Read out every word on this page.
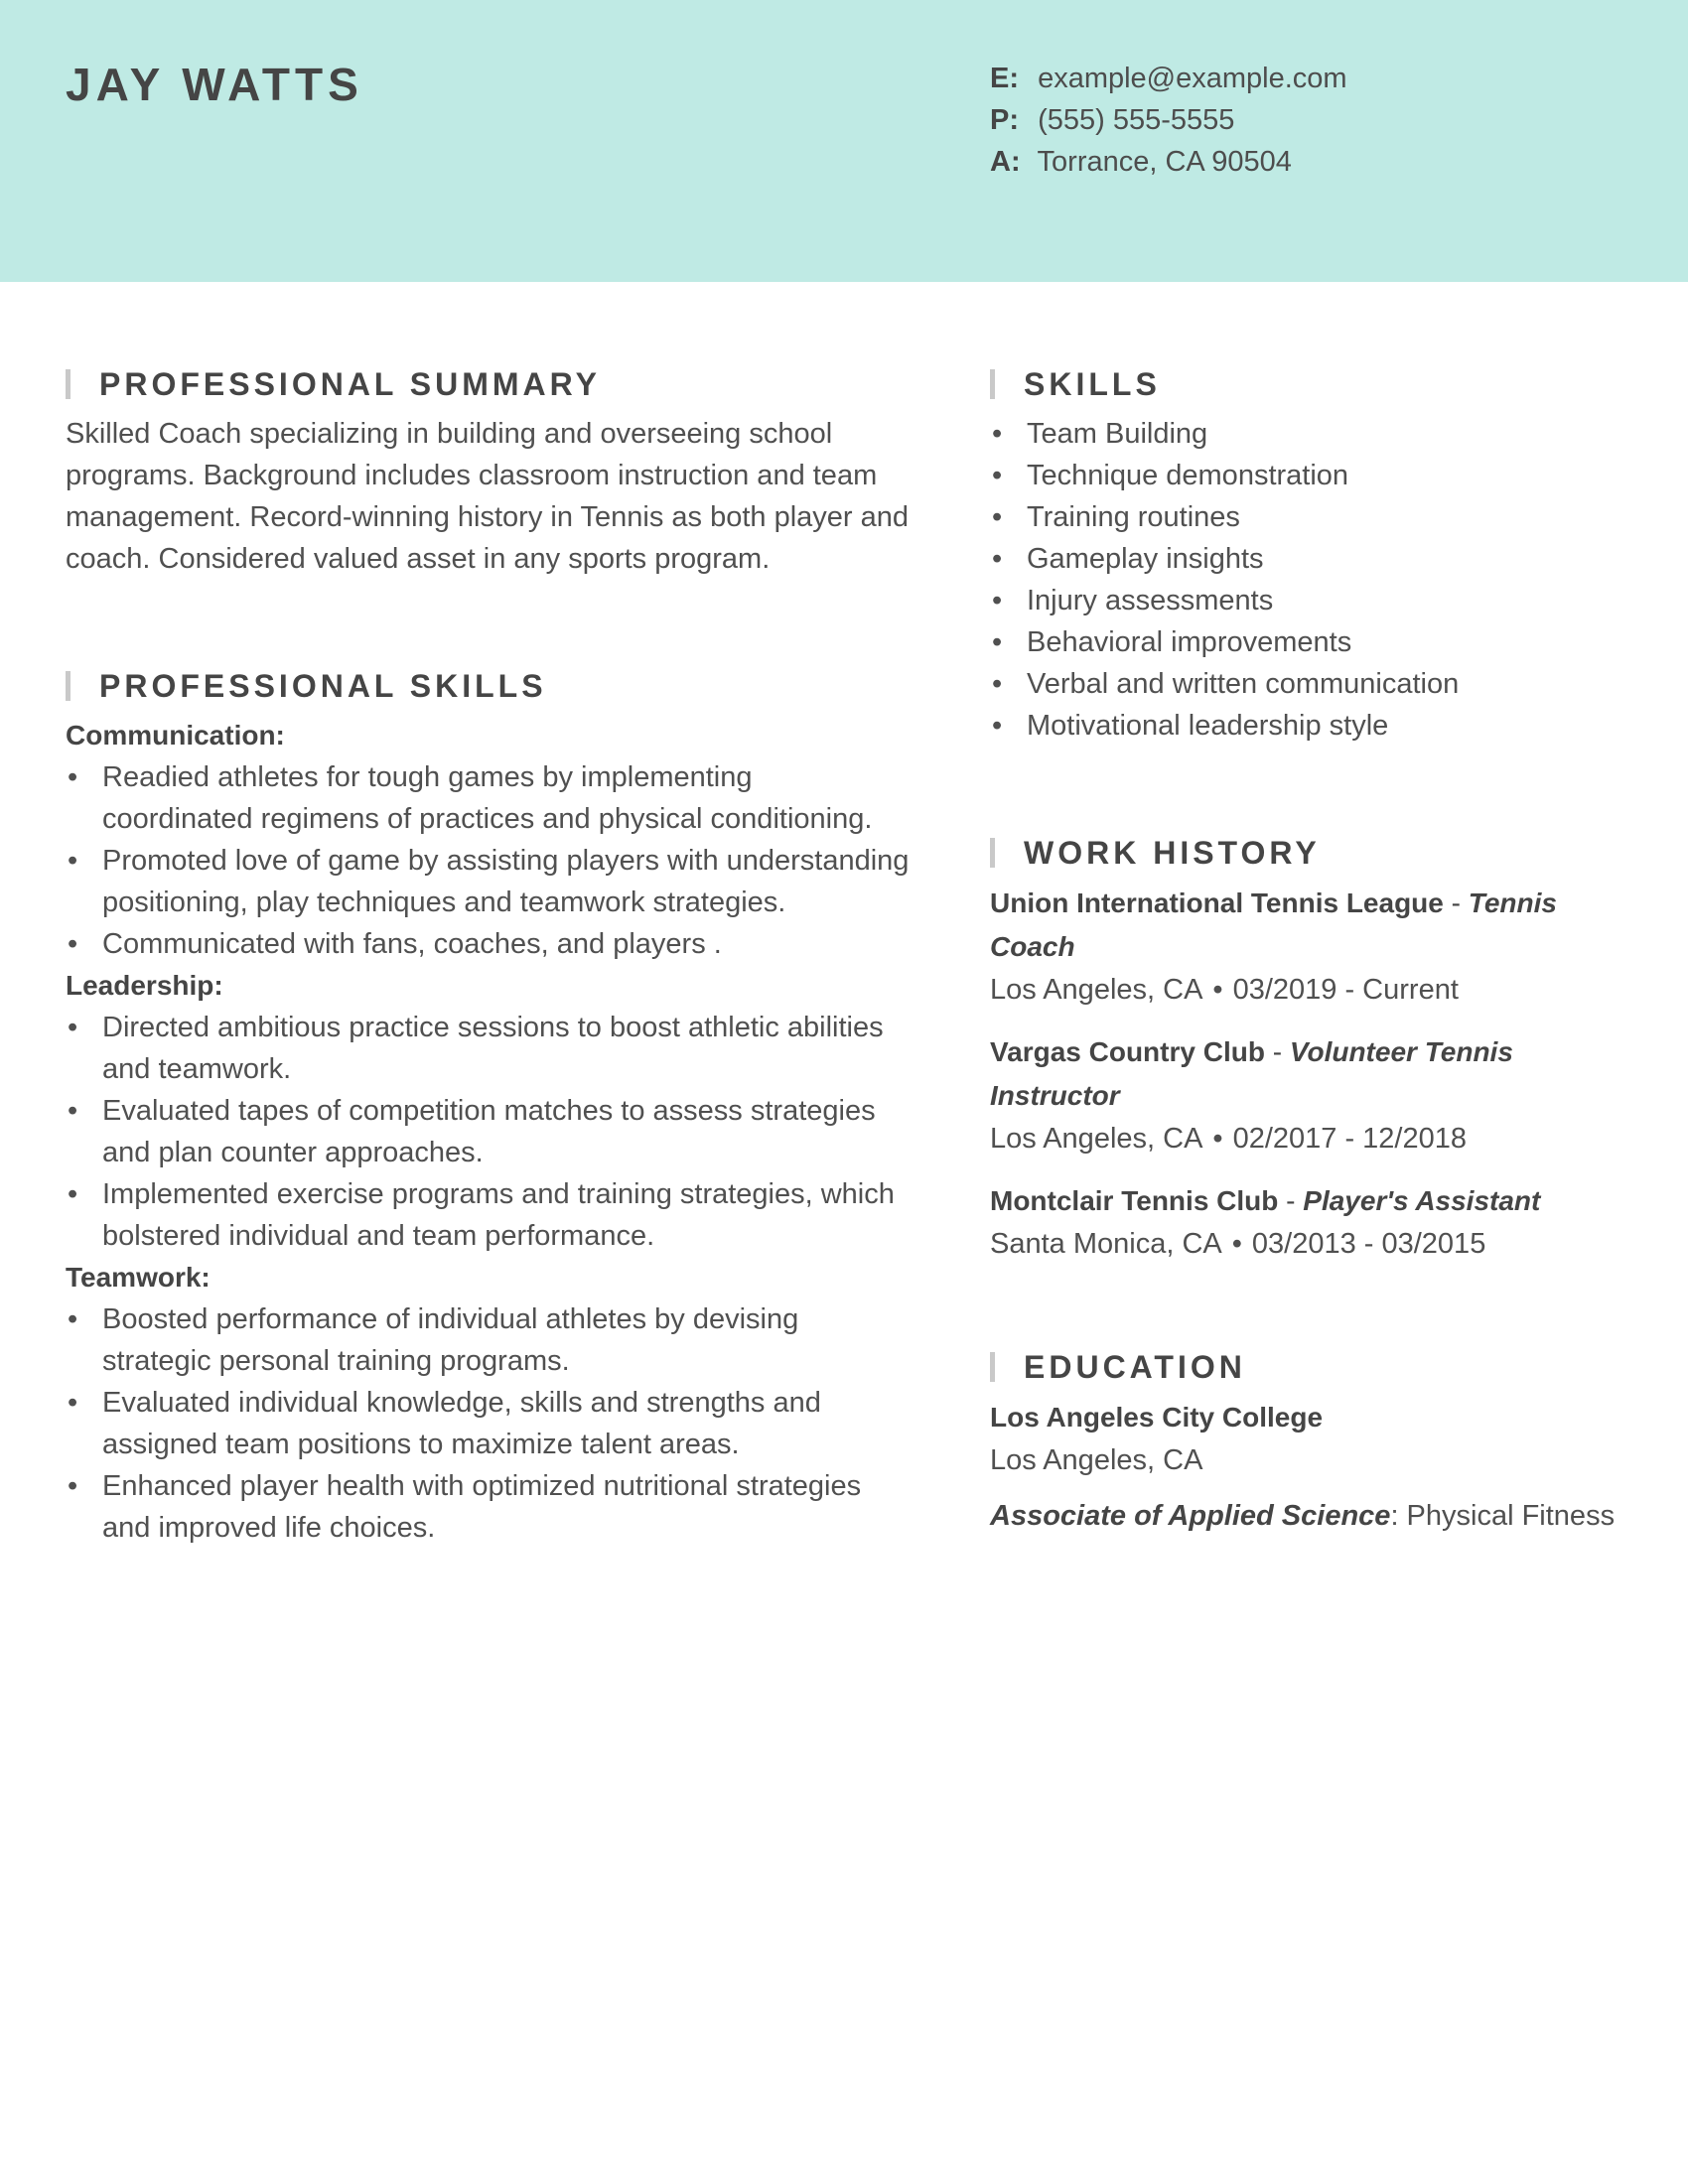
JAY WATTS	E: example@example.com
P: (555) 555-5555
A: Torrance, CA 90504
PROFESSIONAL SUMMARY

Skilled Coach specializing in building and overseeing school programs. Background includes classroom instruction and team management. Record-winning history in Tennis as both player and coach. Considered valued asset in any sports program.

PROFESSIONAL SKILLS
Communication:
• Readied athletes for tough games by implementing coordinated regimens of practices and physical conditioning.
• Promoted love of game by assisting players with understanding positioning, play techniques and teamwork strategies.
• Communicated with fans, coaches, and players .
Leadership:
• Directed ambitious practice sessions to boost athletic abilities and teamwork.
• Evaluated tapes of competition matches to assess strategies and plan counter approaches.
• Implemented exercise programs and training strategies, which bolstered individual and team performance.
Teamwork:
• Boosted performance of individual athletes by devising strategic personal training programs.
• Evaluated individual knowledge, skills and strengths and assigned team positions to maximize talent areas.
• Enhanced player health with optimized nutritional strategies and improved life choices.
SKILLS
• Team Building
• Technique demonstration
• Training routines
• Gameplay insights
• Injury assessments
• Behavioral improvements
• Verbal and written communication
• Motivational leadership style
WORK HISTORY
Union International Tennis League - Tennis Coach
Los Angeles, CA • 03/2019 - Current
Vargas Country Club - Volunteer Tennis Instructor
Los Angeles, CA • 02/2017 - 12/2018
Montclair Tennis Club - Player's Assistant
Santa Monica, CA • 03/2013 - 03/2015
EDUCATION
Los Angeles City College
Los Angeles, CA
Associate of Applied Science: Physical Fitness
